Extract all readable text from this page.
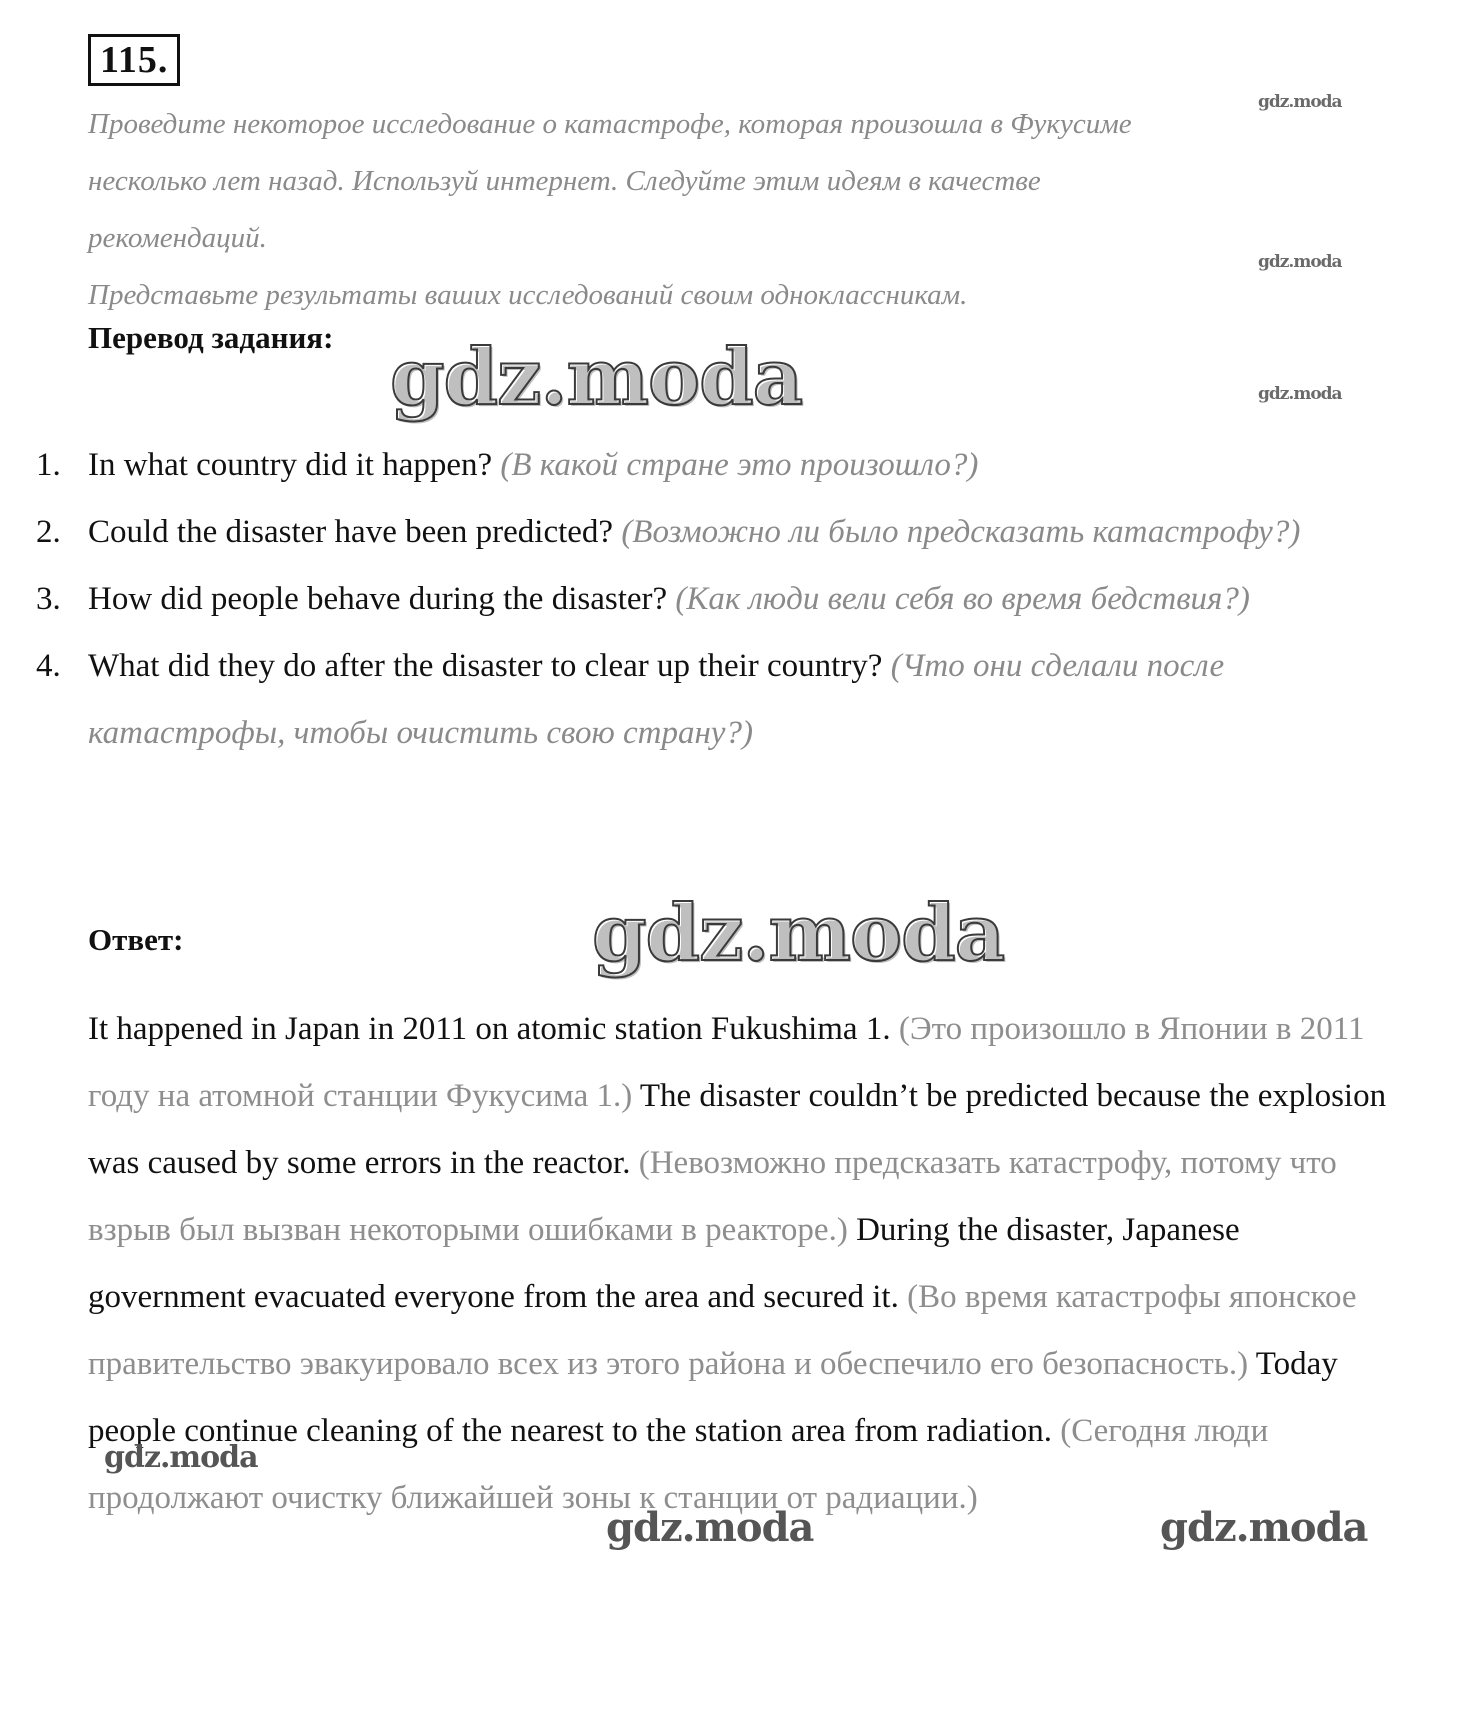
115.
Проведите некоторое исследование о катастрофе, которая произошла в Фукусиме
несколько лет назад. Используй интернет. Следуйте этим идеям в качестве
рекомендаций.
Представьте результаты ваших исследований своим одноклассникам.
Перевод задания:
1. In what country did it happen? (В какой стране это произошло?)
2. Could the disaster have been predicted? (Возможно ли было предсказать катастрофу?)
3. How did people behave during the disaster? (Как люди вели себя во время бедствия?)
4. What did they do after the disaster to clear up their country? (Что они сделали после катастрофы, чтобы очистить свою страну?)
Ответ:

It happened in Japan in 2011 on atomic station Fukushima 1. (Это произошло в Японии в 2011 году на атомной станции Фукусима 1.) The disaster couldn’t be predicted because the explosion was caused by some errors in the reactor. (Невозможно предсказать катастрофу, потому что взрыв был вызван некоторыми ошибками в реакторе.) During the disaster, Japanese government evacuated everyone from the area and secured it. (Во время катастрофы японское правительство эвакуировало всех из этого района и обеспечило его безопасность.) Today people continue cleaning of the nearest to the station area from radiation. (Сегодня люди продолжают очистку ближайшей зоны к станции от радиации.)

gdz.moda
gdz.moda
gdz.moda
gdz.moda
gdz.moda
gdz.moda
gdz.moda	gdz.moda
